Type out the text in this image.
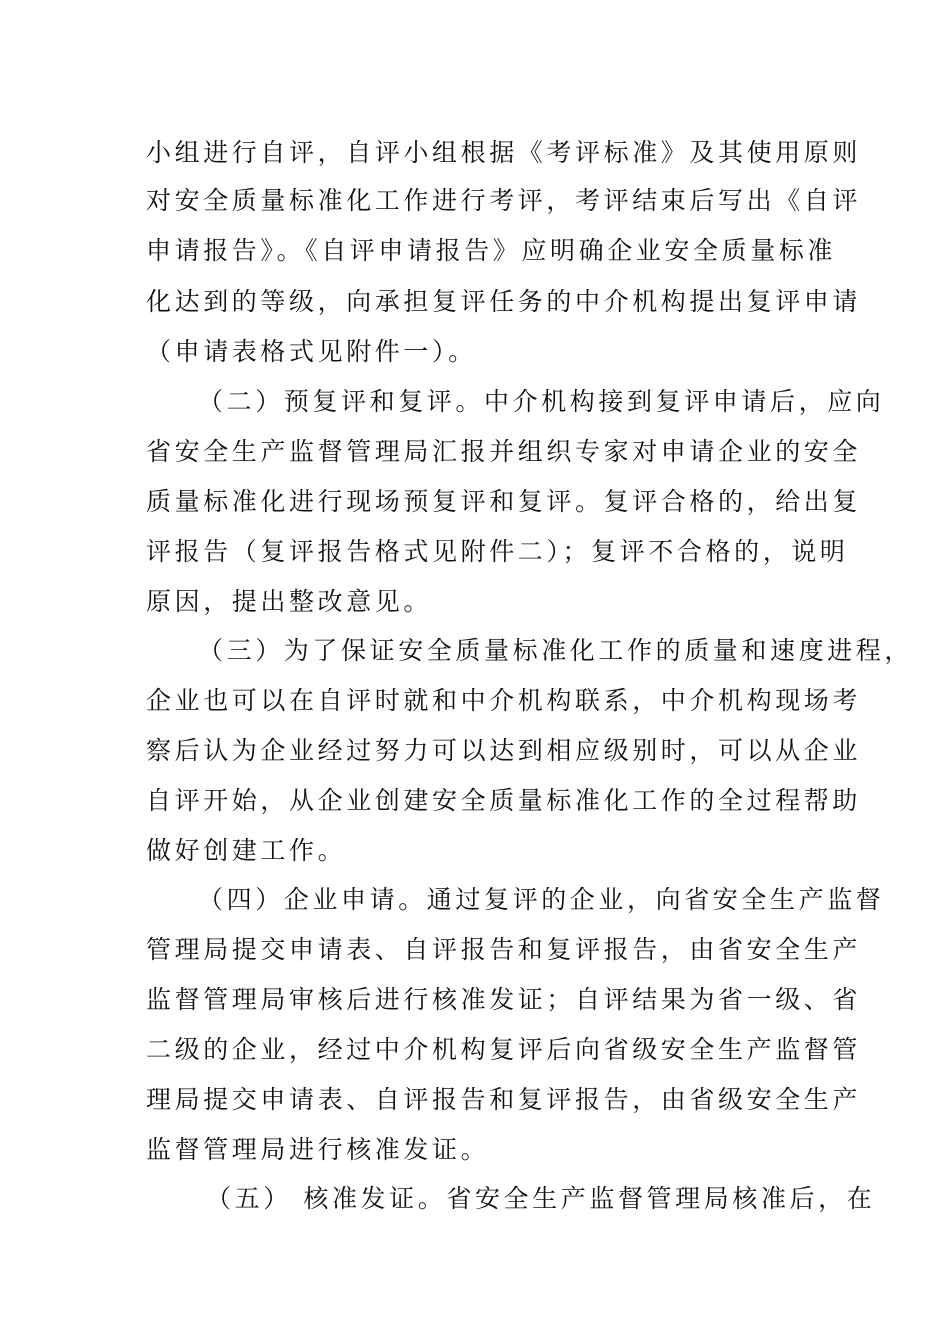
小组进行自评，自评小组根据《考评标准》及其使用原则
对安全质量标准化工作进行考评，考评结束后写出《自评
申请报告》。《自评申请报告》应明确企业安全质量标准
化达到的等级，向承担复评任务的中介机构提出复评申请
（申请表格式见附件一）。
（二）预复评和复评。中介机构接到复评申请后，应向
省安全生产监督管理局汇报并组织专家对申请企业的安全
质量标准化进行现场预复评和复评。复评合格的，给出复
评报告（复评报告格式见附件二）；复评不合格的，说明
原因，提出整改意见。
（三）为了保证安全质量标准化工作的质量和速度进程，
企业也可以在自评时就和中介机构联系，中介机构现场考
察后认为企业经过努力可以达到相应级别时，可以从企业
自评开始，从企业创建安全质量标准化工作的全过程帮助
做好创建工作。
（四）企业申请。通过复评的企业，向省安全生产监督
管理局提交申请表、自评报告和复评报告，由省安全生产
监督管理局审核后进行核准发证；自评结果为省一级、省
二级的企业，经过中介机构复评后向省级安全生产监督管
理局提交申请表、自评报告和复评报告，由省级安全生产
监督管理局进行核准发证。
（五） 核准发证。省安全生产监督管理局核准后，在
